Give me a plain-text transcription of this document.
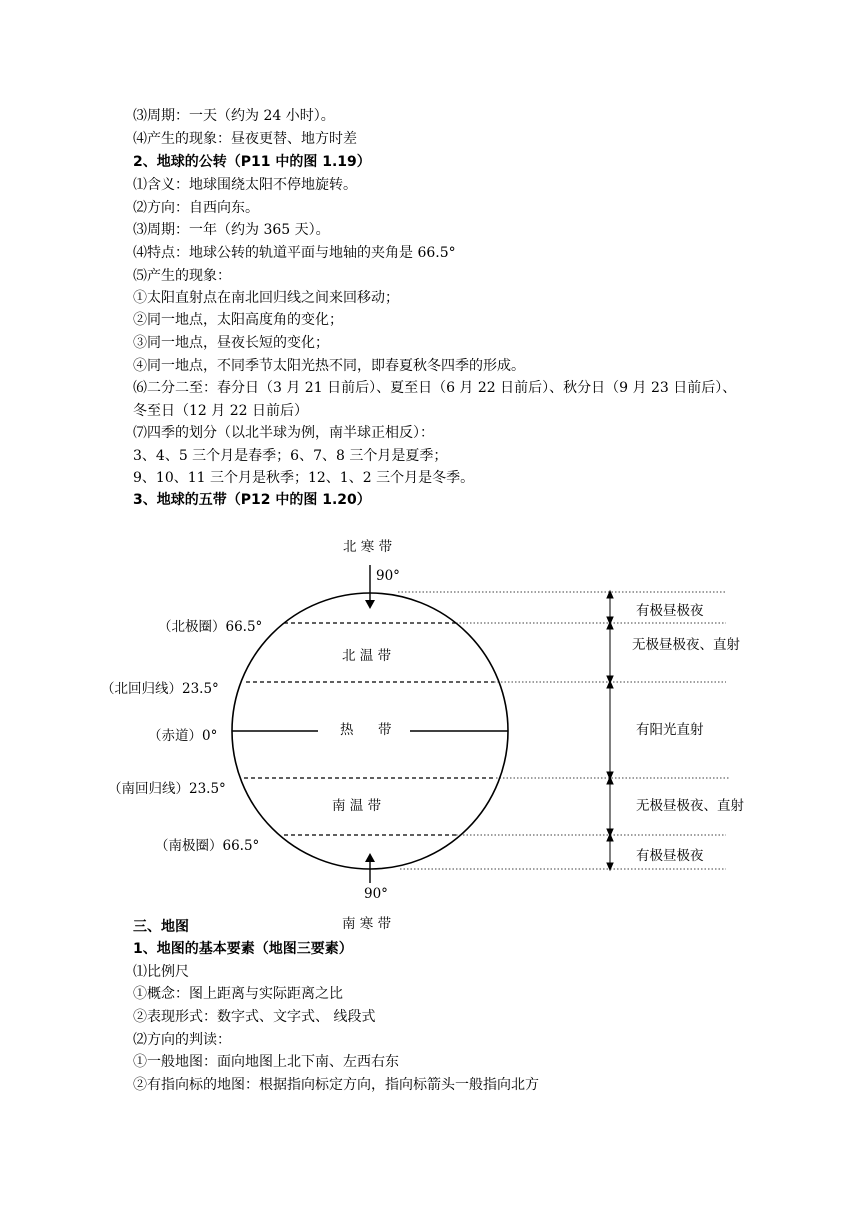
⑶周期：一天（约为 24 小时）。
⑷产生的现象：昼夜更替、地方时差
2、地球的公转（P11 中的图 1.19）
⑴含义：地球围绕太阳不停地旋转。
⑵方向：自西向东。
⑶周期：一年（约为 365 天）。
⑷特点：地球公转的轨道平面与地轴的夹角是 66.5°
⑸产生的现象：
①太阳直射点在南北回归线之间来回移动；
②同一地点，太阳高度角的变化；
③同一地点，昼夜长短的变化；
④同一地点，不同季节太阳光热不同，即春夏秋冬四季的形成。
⑹二分二至：春分日（3 月 21 日前后）、夏至日（6 月 22 日前后）、秋分日（9 月 23 日前后）、
冬至日（12 月 22 日前后）
⑺四季的划分（以北半球为例，南半球正相反）：
3、4、5 三个月是春季；6、7、8 三个月是夏季；
9、10、11 三个月是秋季；12、1、2 三个月是冬季。
3、地球的五带（P12 中的图 1.20）
北 寒 带
90°
（北极圈）66.5°
北 温 带
（北回归线）23.5°
（赤道）0°	热 带
（南回归线）23.5°
南 温 带
（南极圈）66.5°
90°
南 寒 带
有极昼极夜
无极昼极夜、直射
有阳光直射
无极昼极夜、直射
有极昼极夜
三、地图
1、地图的基本要素（地图三要素）
⑴比例尺
①概念：图上距离与实际距离之比
②表现形式：数字式、文字式、 线段式
⑵方向的判读：
①一般地图：面向地图上北下南、左西右东
②有指向标的地图：根据指向标定方向，指向标箭头一般指向北方
